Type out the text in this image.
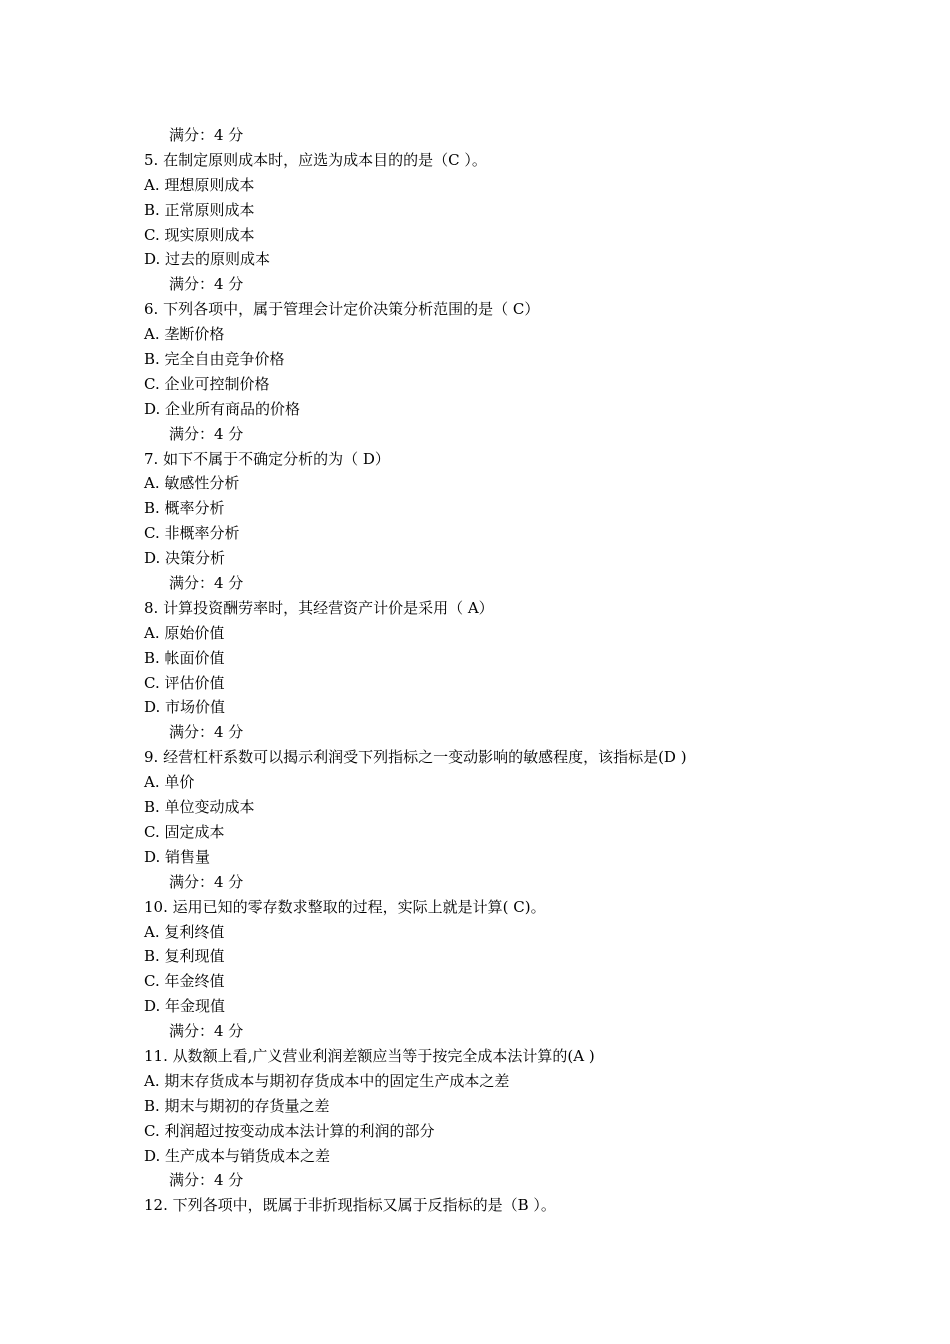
满分：4 分
5. 在制定原则成本时，应选为成本目的的是（C ）。
A. 理想原则成本
B. 正常原则成本
C. 现实原则成本
D. 过去的原则成本
满分：4 分
6. 下列各项中，属于管理会计定价决策分析范围的是（ C）
A. 垄断价格
B. 完全自由竞争价格
C. 企业可控制价格
D. 企业所有商品的价格
满分：4 分
7. 如下不属于不确定分析的为（ D）
A. 敏感性分析
B. 概率分析
C. 非概率分析
D. 决策分析
满分：4 分
8. 计算投资酬劳率时，其经营资产计价是采用（ A）
A. 原始价值
B. 帐面价值
C. 评估价值
D. 市场价值
满分：4 分
9. 经营杠杆系数可以揭示利润受下列指标之一变动影响的敏感程度，该指标是(D )
A. 单价
B. 单位变动成本
C. 固定成本
D. 销售量
满分：4 分
10. 运用已知的零存数求整取的过程，实际上就是计算( C)。
A. 复利终值
B. 复利现值
C. 年金终值
D. 年金现值
满分：4 分
11. 从数额上看,广义营业利润差额应当等于按完全成本法计算的(A )
A. 期末存货成本与期初存货成本中的固定生产成本之差
B. 期末与期初的存货量之差
C. 利润超过按变动成本法计算的利润的部分
D. 生产成本与销货成本之差
满分：4 分
12. 下列各项中，既属于非折现指标又属于反指标的是（B ）。
